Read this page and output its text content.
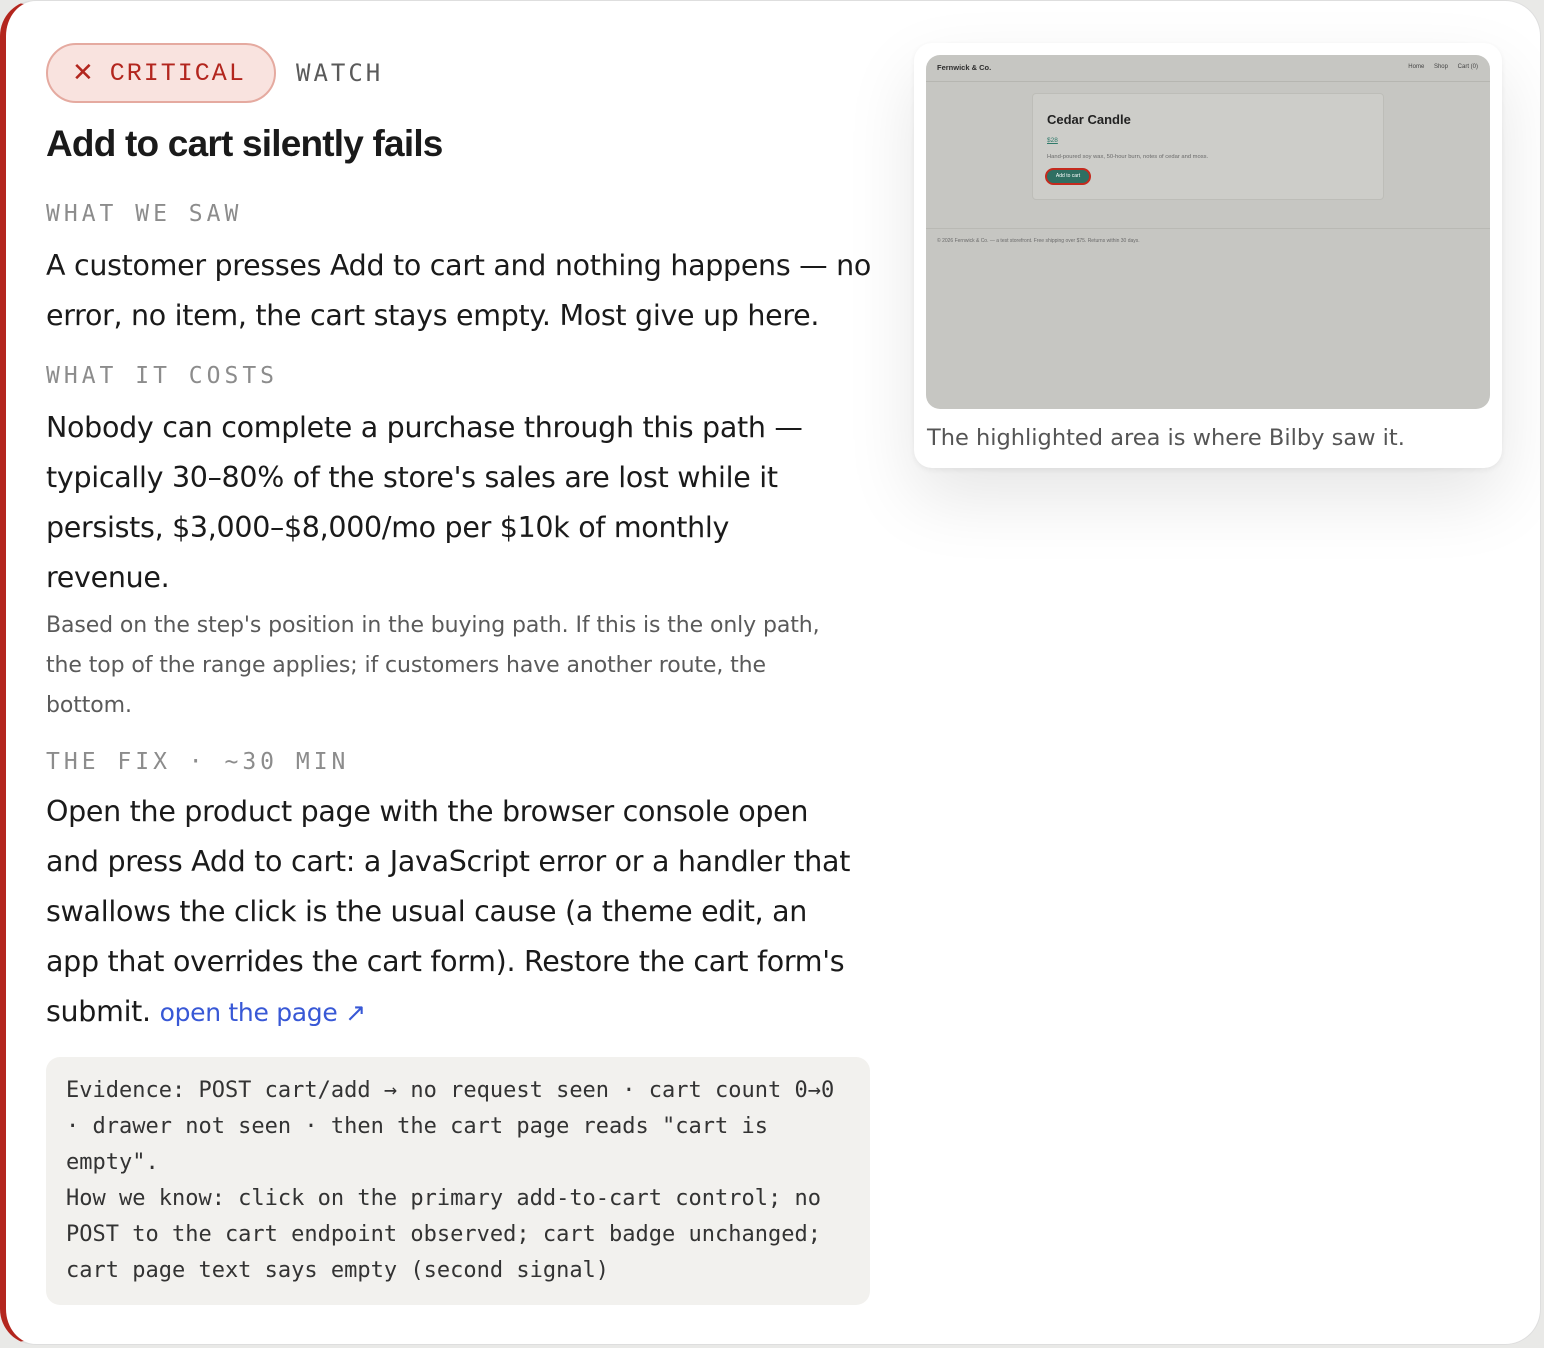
✕ CRITICAL WATCH
Add to cart silently fails

WHAT WE SAW

A customer presses Add to cart and nothing happens — no error, no item, the cart stays empty. Most give up here.

WHAT IT COSTS

Nobody can complete a purchase through this path — typically 30–80% of the store's sales are lost while it persists, $3,000–$8,000/mo per $10k of monthly revenue.

Based on the step's position in the buying path. If this is the only path, the top of the range applies; if customers have another route, the bottom.

THE FIX · ~30 MIN

Open the product page with the browser console open and press Add to cart: a JavaScript error or a handler that swallows the click is the usual cause (a theme edit, an app that overrides the cart form). Restore the cart form's submit. open the page ↗

Evidence: POST cart/add → no request seen · cart count 0→0 · drawer not seen · then the cart page reads "cart is empty".

How we know: click on the primary add-to-cart control; no POST to the cart endpoint observed; cart badge unchanged; cart page text says empty (second signal)

Fernwick & Co.	Home Shop Cart (0)
Cedar Candle
$28
Hand-poured soy wax, 50-hour burn, notes of cedar and moss.
Add to cart
© 2026 Fernwick & Co. — a test storefront. Free shipping over $75. Returns within 30 days.

The highlighted area is where Bilby saw it.
